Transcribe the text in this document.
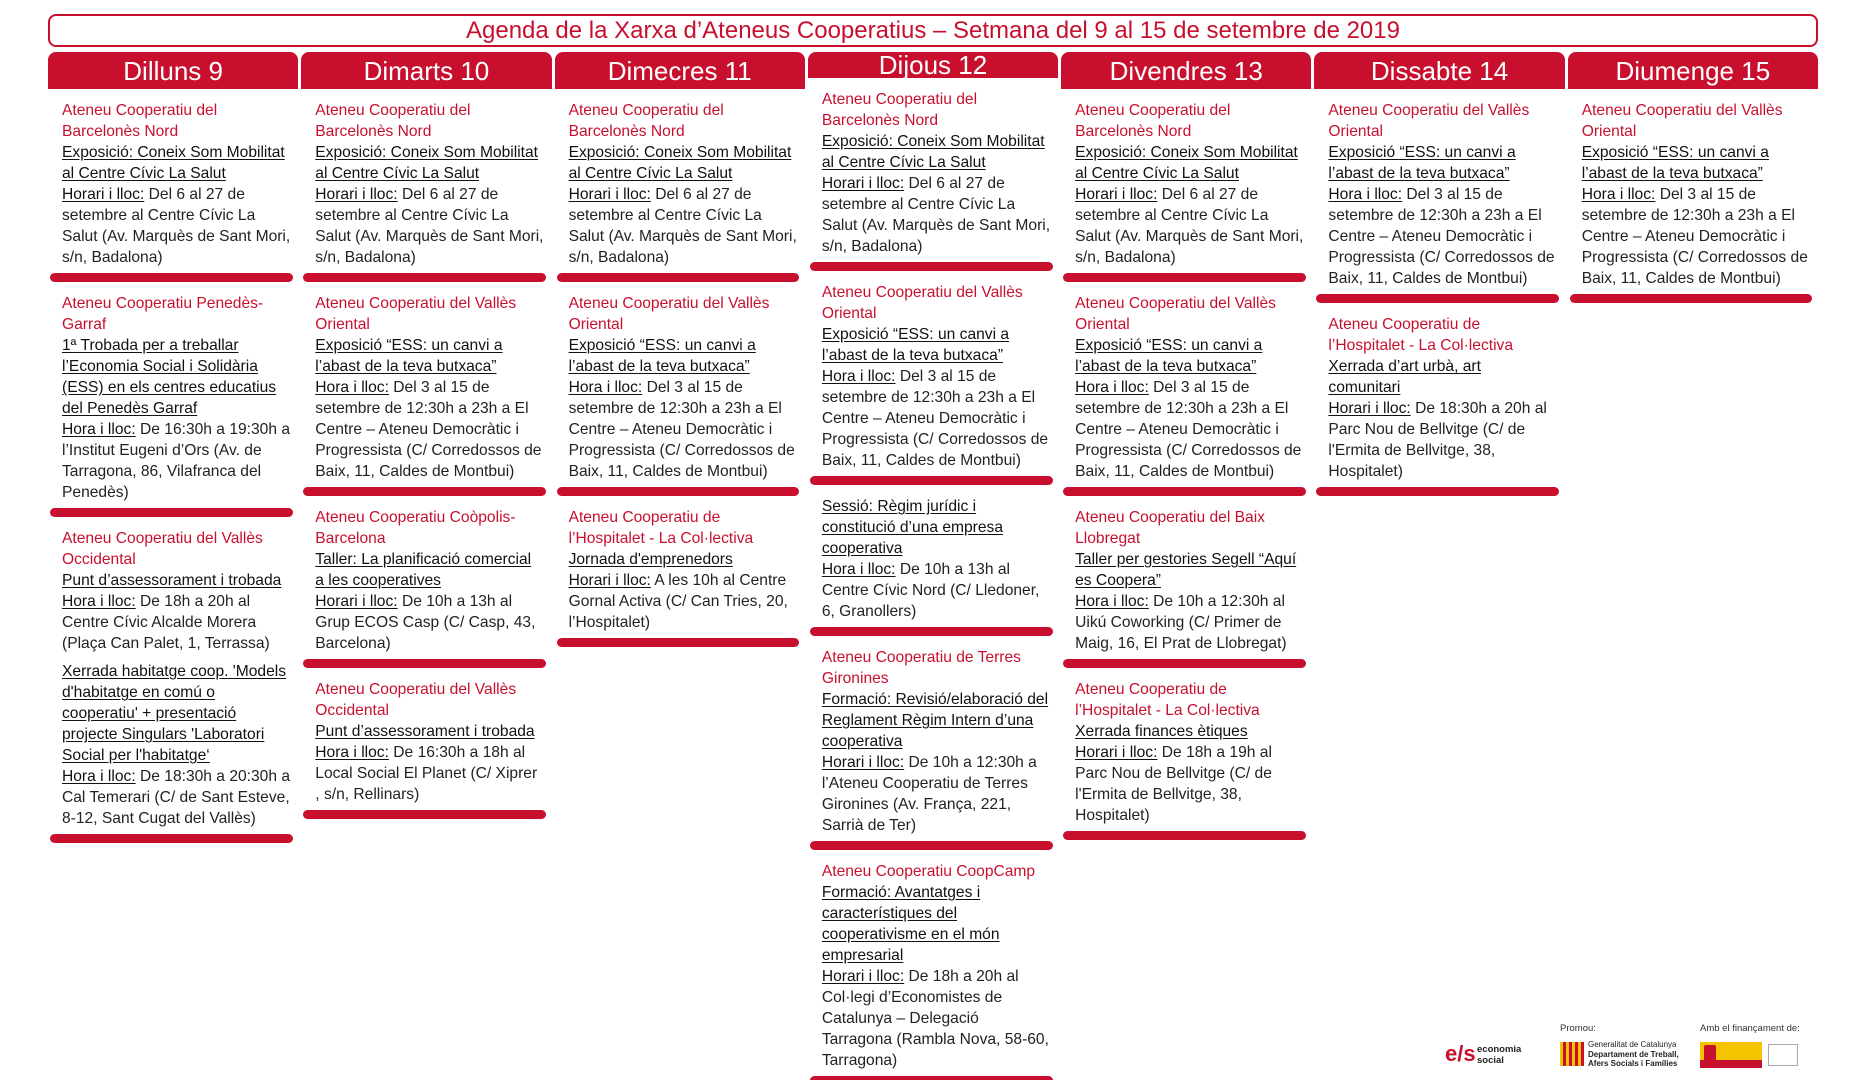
Agenda de la Xarxa d’Ateneus Cooperatius – Setmana del 9 al 15 de setembre de 2019
Dilluns 9
Ateneu Cooperatiu del Barcelonès Nord
Exposició: Coneix Som Mobilitat al Centre Cívic La Salut
Horari i lloc: Del 6 al 27 de setembre al Centre Cívic La Salut (Av. Marquès de Sant Mori, s/n, Badalona)
Ateneu Cooperatiu Penedès-Garraf
1ª Trobada per a treballar l’Economia Social i Solidària (ESS) en els centres educatius del Penedès Garraf
Hora i lloc: De 16:30h a 19:30h a l’Institut Eugeni d’Ors (Av. de Tarragona, 86, Vilafranca del Penedès)
Ateneu Cooperatiu del Vallès Occidental
Punt d’assessorament i trobada
Hora i lloc: De 18h a 20h al Centre Cívic Alcalde Morera (Plaça Can Palet, 1, Terrassa)
Xerrada habitatge coop. 'Models d'habitatge en comú o cooperatiu' + presentació projecte Singulars 'Laboratori Social per l'habitatge‘
Hora i lloc: De 18:30h a 20:30h a Cal Temerari (C/ de Sant Esteve, 8-12, Sant Cugat del Vallès)
Dimarts 10
Ateneu Cooperatiu del Barcelonès Nord
Exposició: Coneix Som Mobilitat al Centre Cívic La Salut
Horari i lloc: Del 6 al 27 de setembre al Centre Cívic La Salut (Av. Marquès de Sant Mori, s/n, Badalona)
Ateneu Cooperatiu del Vallès Oriental
Exposició “ESS: un canvi a l’abast de la teva butxaca”
Hora i lloc: Del 3 al 15 de setembre de 12:30h a 23h a El Centre – Ateneu Democràtic i Progressista (C/ Corredossos de Baix, 11, Caldes de Montbui)
Ateneu Cooperatiu Coòpolis-Barcelona
Taller: La planificació comercial a les cooperatives
Horari i lloc: De 10h a 13h al Grup ECOS Casp (C/ Casp, 43, Barcelona)
Ateneu Cooperatiu del Vallès Occidental
Punt d’assessorament i trobada
Hora i lloc: De 16:30h a 18h al Local Social El Planet (C/ Xiprer , s/n, Rellinars)
Dimecres 11
Ateneu Cooperatiu del Barcelonès Nord
Exposició: Coneix Som Mobilitat al Centre Cívic La Salut
Horari i lloc: Del 6 al 27 de setembre al Centre Cívic La Salut (Av. Marquès de Sant Mori, s/n, Badalona)
Ateneu Cooperatiu del Vallès Oriental
Exposició “ESS: un canvi a l’abast de la teva butxaca”
Hora i lloc: Del 3 al 15 de setembre de 12:30h a 23h a El Centre – Ateneu Democràtic i Progressista (C/ Corredossos de Baix, 11, Caldes de Montbui)
Ateneu Cooperatiu de l’Hospitalet - La Col·lectiva
Jornada d'emprenedors
Horari i lloc: A les 10h al Centre Gornal Activa (C/ Can Tries, 20, l’Hospitalet)
Dijous 12
Ateneu Cooperatiu del Barcelonès Nord
Exposició: Coneix Som Mobilitat al Centre Cívic La Salut
Horari i lloc: Del 6 al 27 de setembre al Centre Cívic La Salut (Av. Marquès de Sant Mori, s/n, Badalona)
Ateneu Cooperatiu del Vallès Oriental
Exposició “ESS: un canvi a l’abast de la teva butxaca”
Hora i lloc: Del 3 al 15 de setembre de 12:30h a 23h a El Centre – Ateneu Democràtic i Progressista (C/ Corredossos de Baix, 11, Caldes de Montbui)
Sessió: Règim jurídic i constitució d’una empresa cooperativa
Hora i lloc: De 10h a 13h al Centre Cívic Nord (C/ Lledoner, 6, Granollers)
Ateneu Cooperatiu de Terres Gironines
Formació: Revisió/elaboració del Reglament Règim Intern d’una cooperativa
Horari i lloc: De 10h a 12:30h a l’Ateneu Cooperatiu de Terres Gironines (Av. França, 221, Sarrià de Ter)
Ateneu Cooperatiu CoopCamp
Formació: Avantatges i característiques del cooperativisme en el món empresarial
Horari i lloc: De 18h a 20h al Col·legi d’Economistes de Catalunya – Delegació Tarragona (Rambla Nova, 58-60, Tarragona)
Divendres 13
Ateneu Cooperatiu del Barcelonès Nord
Exposició: Coneix Som Mobilitat al Centre Cívic La Salut
Horari i lloc: Del 6 al 27 de setembre al Centre Cívic La Salut (Av. Marquès de Sant Mori, s/n, Badalona)
Ateneu Cooperatiu del Vallès Oriental
Exposició “ESS: un canvi a l’abast de la teva butxaca”
Hora i lloc: Del 3 al 15 de setembre de 12:30h a 23h a El Centre – Ateneu Democràtic i Progressista (C/ Corredossos de Baix, 11, Caldes de Montbui)
Ateneu Cooperatiu del Baix Llobregat
Taller per gestories Segell “Aquí es Coopera”
Hora i lloc: De 10h a 12:30h al Uikú Coworking (C/ Primer de Maig, 16, El Prat de Llobregat)
Ateneu Cooperatiu de l’Hospitalet - La Col·lectiva
Xerrada finances ètiques
Horari i lloc: De 18h a 19h al Parc Nou de Bellvitge (C/ de l'Ermita de Bellvitge, 38, Hospitalet)
Dissabte 14
Ateneu Cooperatiu del Vallès Oriental
Exposició “ESS: un canvi a l’abast de la teva butxaca”
Hora i lloc: Del 3 al 15 de setembre de 12:30h a 23h a El Centre – Ateneu Democràtic i Progressista (C/ Corredossos de Baix, 11, Caldes de Montbui)
Ateneu Cooperatiu de l’Hospitalet - La Col·lectiva
Xerrada d’art urbà, art comunitari
Horari i lloc: De 18:30h a 20h al Parc Nou de Bellvitge (C/ de l'Ermita de Bellvitge, 38, Hospitalet)
Diumenge 15
Ateneu Cooperatiu del Vallès Oriental
Exposició “ESS: un canvi a l’abast de la teva butxaca”
Hora i lloc: Del 3 al 15 de setembre de 12:30h a 23h a El Centre – Ateneu Democràtic i Progressista (C/ Corredossos de Baix, 11, Caldes de Montbui)
Promou:	Amb el finançament de:
e/s economia
social
Generalitat de Catalunya
Departament de Treball,
Afers Socials i Famílies
